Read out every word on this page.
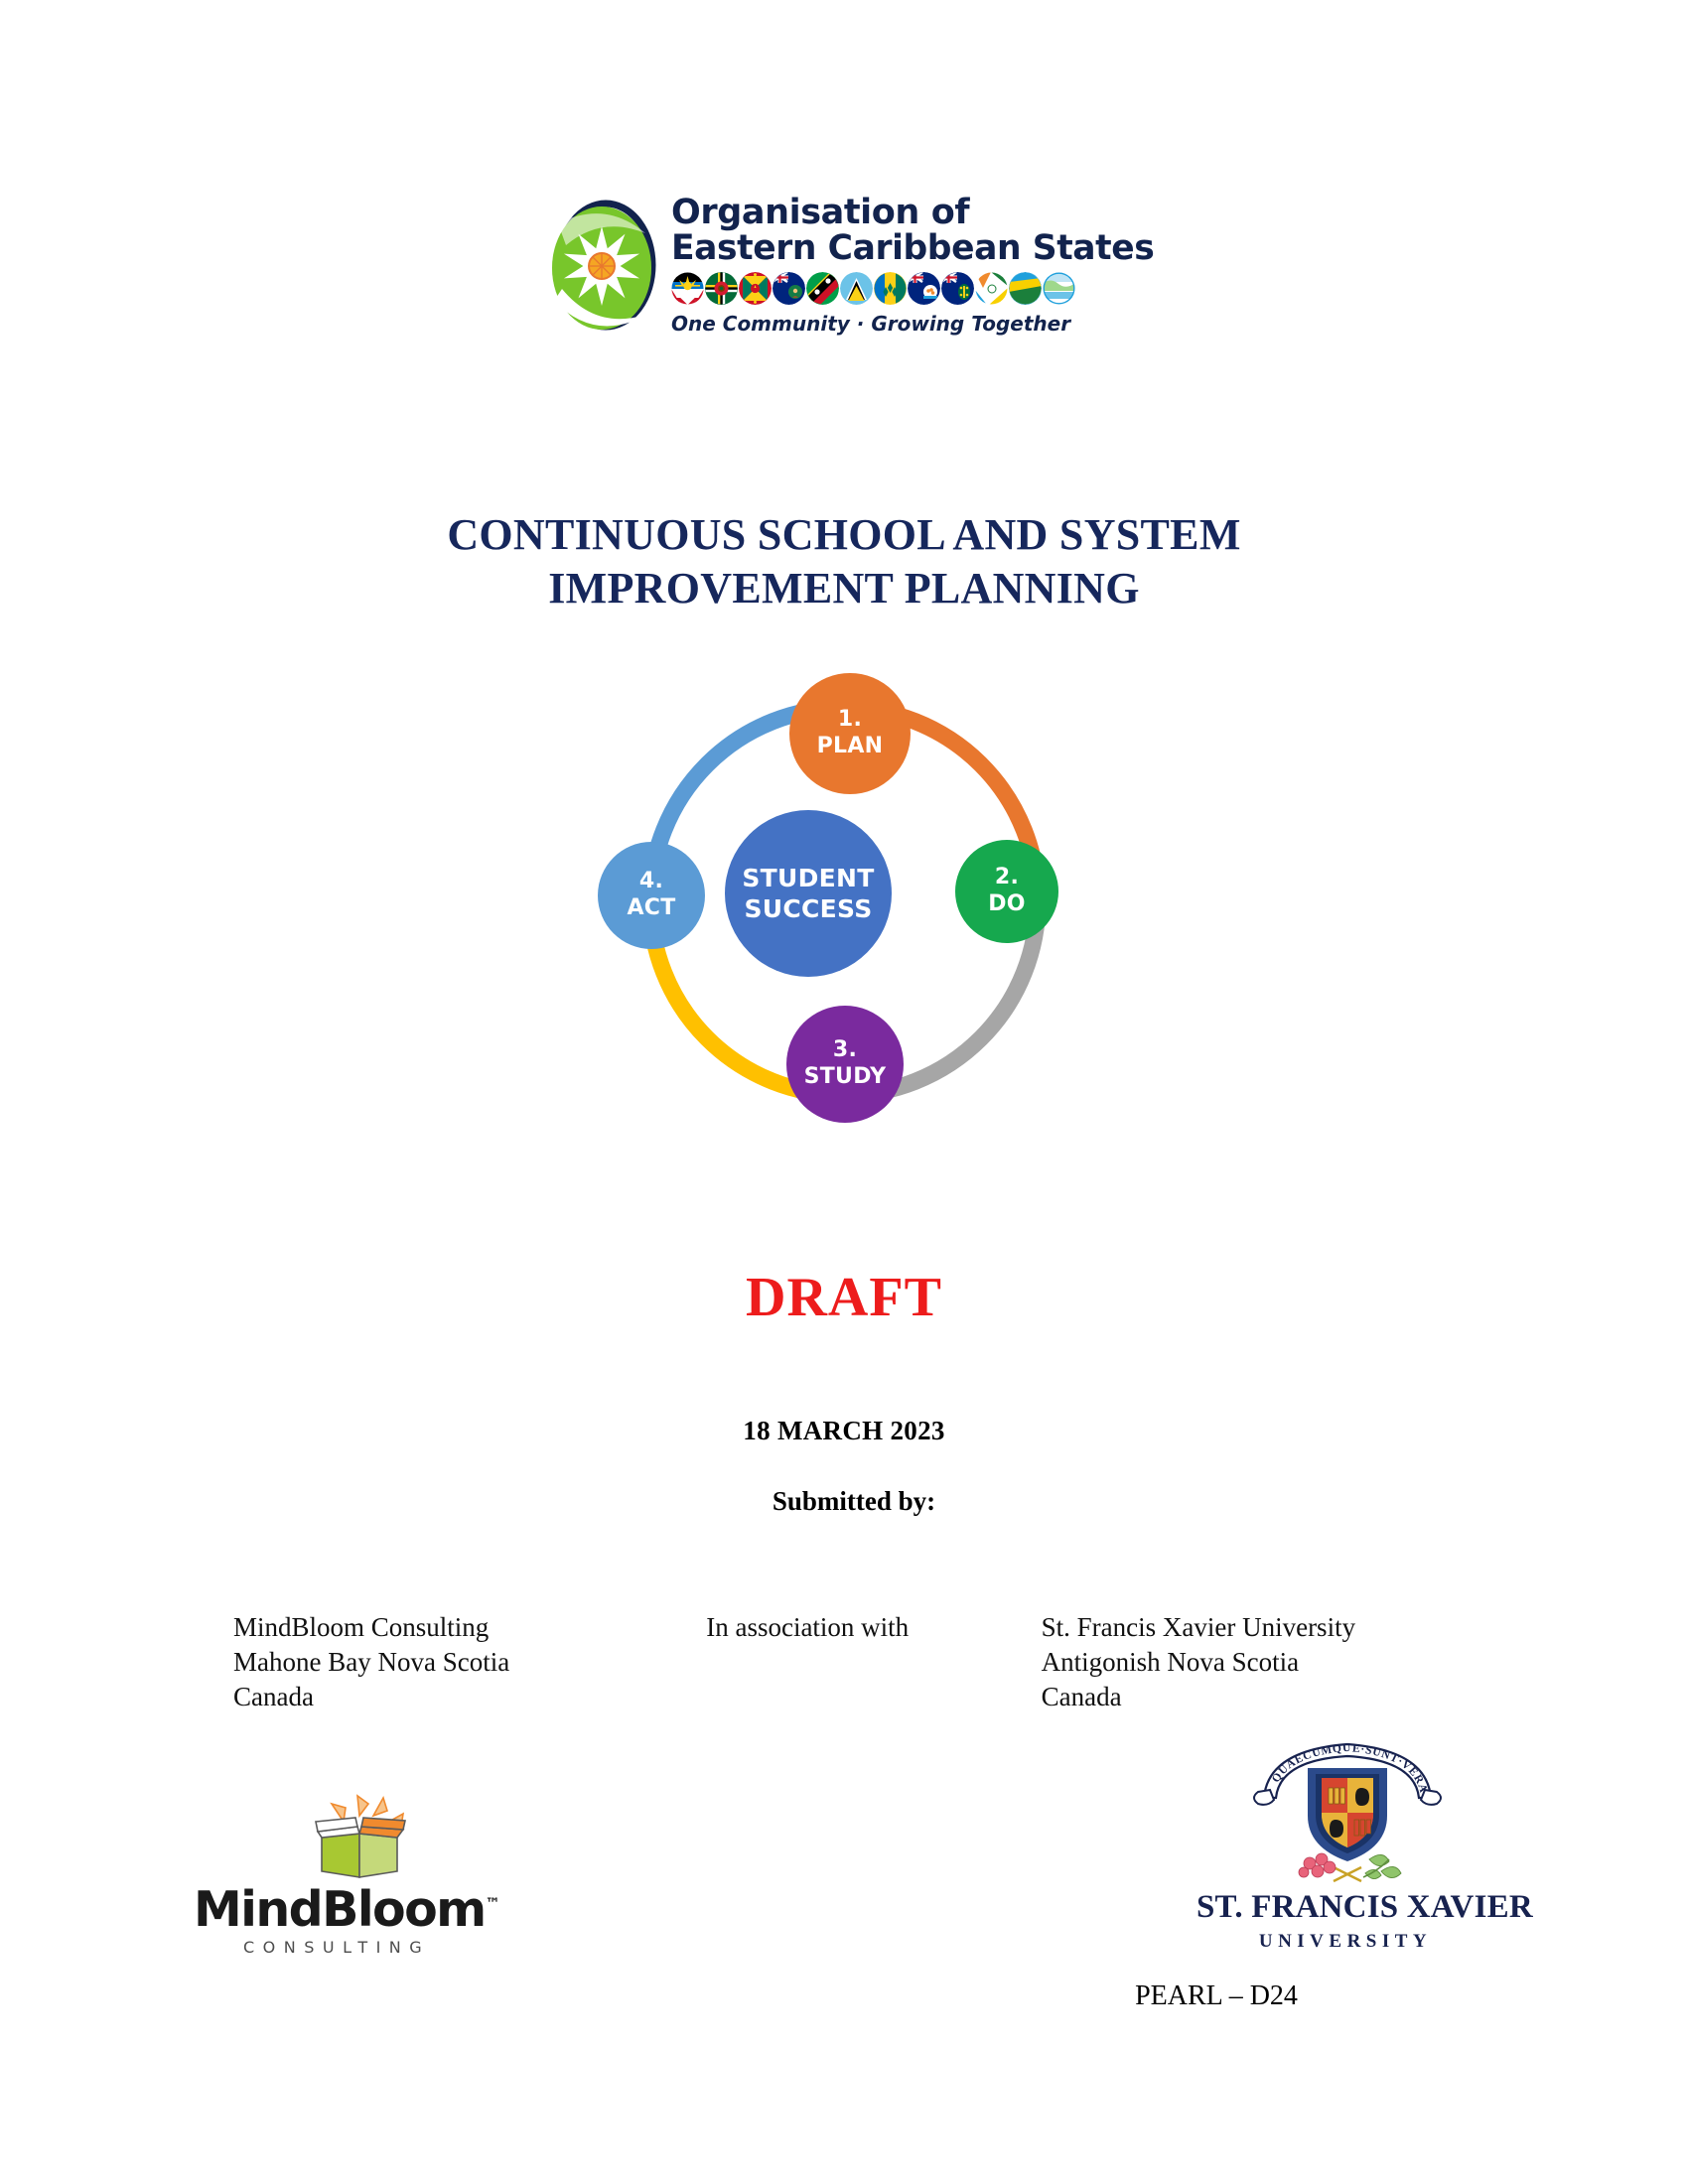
Organisation of
Eastern Caribbean States
One Community · Growing Together
CONTINUOUS SCHOOL AND SYSTEM
IMPROVEMENT PLANNING
1.
PLAN
2.
DO
3.
STUDY
4.
ACT
STUDENT
SUCCESS
DRAFT
18 MARCH 2023
Submitted by:
MindBloom Consulting
Mahone Bay Nova Scotia
Canada
In association with	St. Francis Xavier University
Antigonish Nova Scotia
Canada
MindBloom™
CONSULTING
QUAECUMQUE·SUNT·VERA
ST. FRANCIS XAVIER
UNIVERSITY
PEARL – D24
